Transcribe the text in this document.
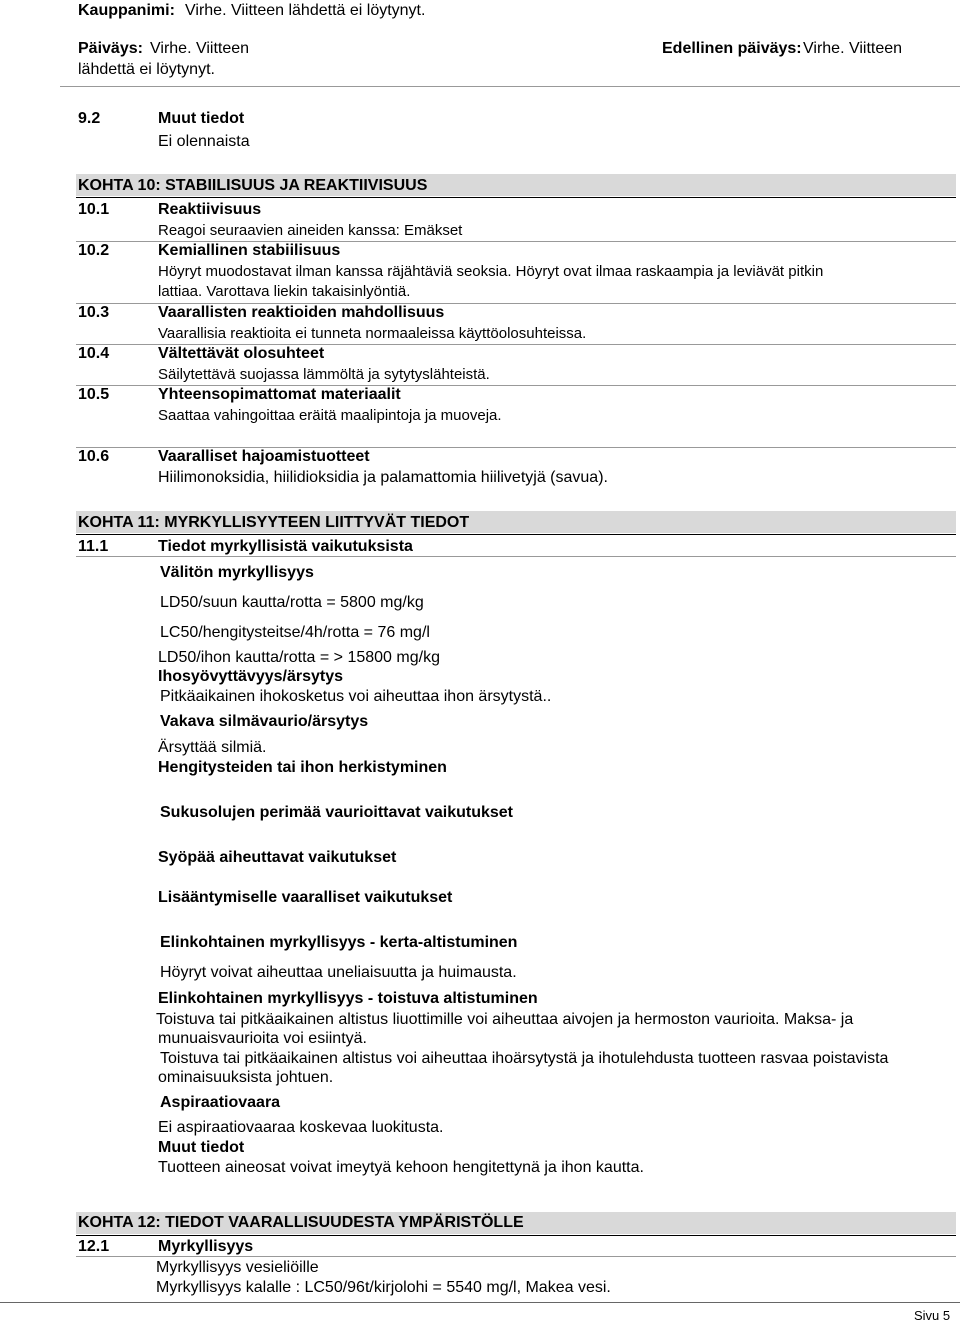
Kauppanimi: Virhe. Viitteen lähdettä ei löytynyt.
Päiväys: Virhe. Viitteen
lähdettä ei löytynyt.
Edellinen päiväys: Virhe. Viitteen
9.2	Muut tiedot
Ei olennaista
KOHTA 10: STABIILISUUS JA REAKTIIVISUUS
10.1	Reaktiivisuus
Reagoi seuraavien aineiden kanssa: Emäkset
10.2	Kemiallinen stabiilisuus
Höyryt muodostavat ilman kanssa räjähtäviä seoksia. Höyryt ovat ilmaa raskaampia ja leviävät pitkin
lattiaa. Varottava liekin takaisinlyöntiä.
10.3	Vaarallisten reaktioiden mahdollisuus
Vaarallisia reaktioita ei tunneta normaaleissa käyttöolosuhteissa.
10.4	Vältettävät olosuhteet
Säilytettävä suojassa lämmöltä ja sytytyslähteistä.
10.5	Yhteensopimattomat materiaalit
Saattaa vahingoittaa eräitä maalipintoja ja muoveja.
10.6	Vaaralliset hajoamistuotteet
Hiilimonoksidia, hiilidioksidia ja palamattomia hiilivetyjä (savua).
KOHTA 11: MYRKYLLISYYTEEN LIITTYVÄT TIEDOT
11.1	Tiedot myrkyllisistä vaikutuksista
Välitön myrkyllisyys
LD50/suun kautta/rotta = 5800 mg/kg
LC50/hengitysteitse/4h/rotta = 76 mg/l
LD50/ihon kautta/rotta = > 15800 mg/kg
Ihosyövyttävyys/ärsytys
Pitkäaikainen ihokosketus voi aiheuttaa ihon ärsytystä..
Vakava silmävaurio/ärsytys
Ärsyttää silmiä.
Hengitysteiden tai ihon herkistyminen
Sukusolujen perimää vaurioittavat vaikutukset
Syöpää aiheuttavat vaikutukset
Lisääntymiselle vaaralliset vaikutukset
Elinkohtainen myrkyllisyys - kerta-altistuminen
Höyryt voivat aiheuttaa uneliaisuutta ja huimausta.
Elinkohtainen myrkyllisyys - toistuva altistuminen
Toistuva tai pitkäaikainen altistus liuottimille voi aiheuttaa aivojen ja hermoston vaurioita. Maksa- ja
munuaisvaurioita voi esiintyä.
Toistuva tai pitkäaikainen altistus voi aiheuttaa ihoärsytystä ja ihotulehdusta tuotteen rasvaa poistavista
ominaisuuksista johtuen.
Aspiraatiovaara
Ei aspiraatiovaaraa koskevaa luokitusta.
Muut tiedot
Tuotteen aineosat voivat imeytyä kehoon hengitettynä ja ihon kautta.
KOHTA 12: TIEDOT VAARALLISUUDESTA YMPÄRISTÖLLE
12.1	Myrkyllisyys
Myrkyllisyys vesieliöille
Myrkyllisyys kalalle : LC50/96t/kirjolohi = 5540 mg/l, Makea vesi.
Sivu 5
